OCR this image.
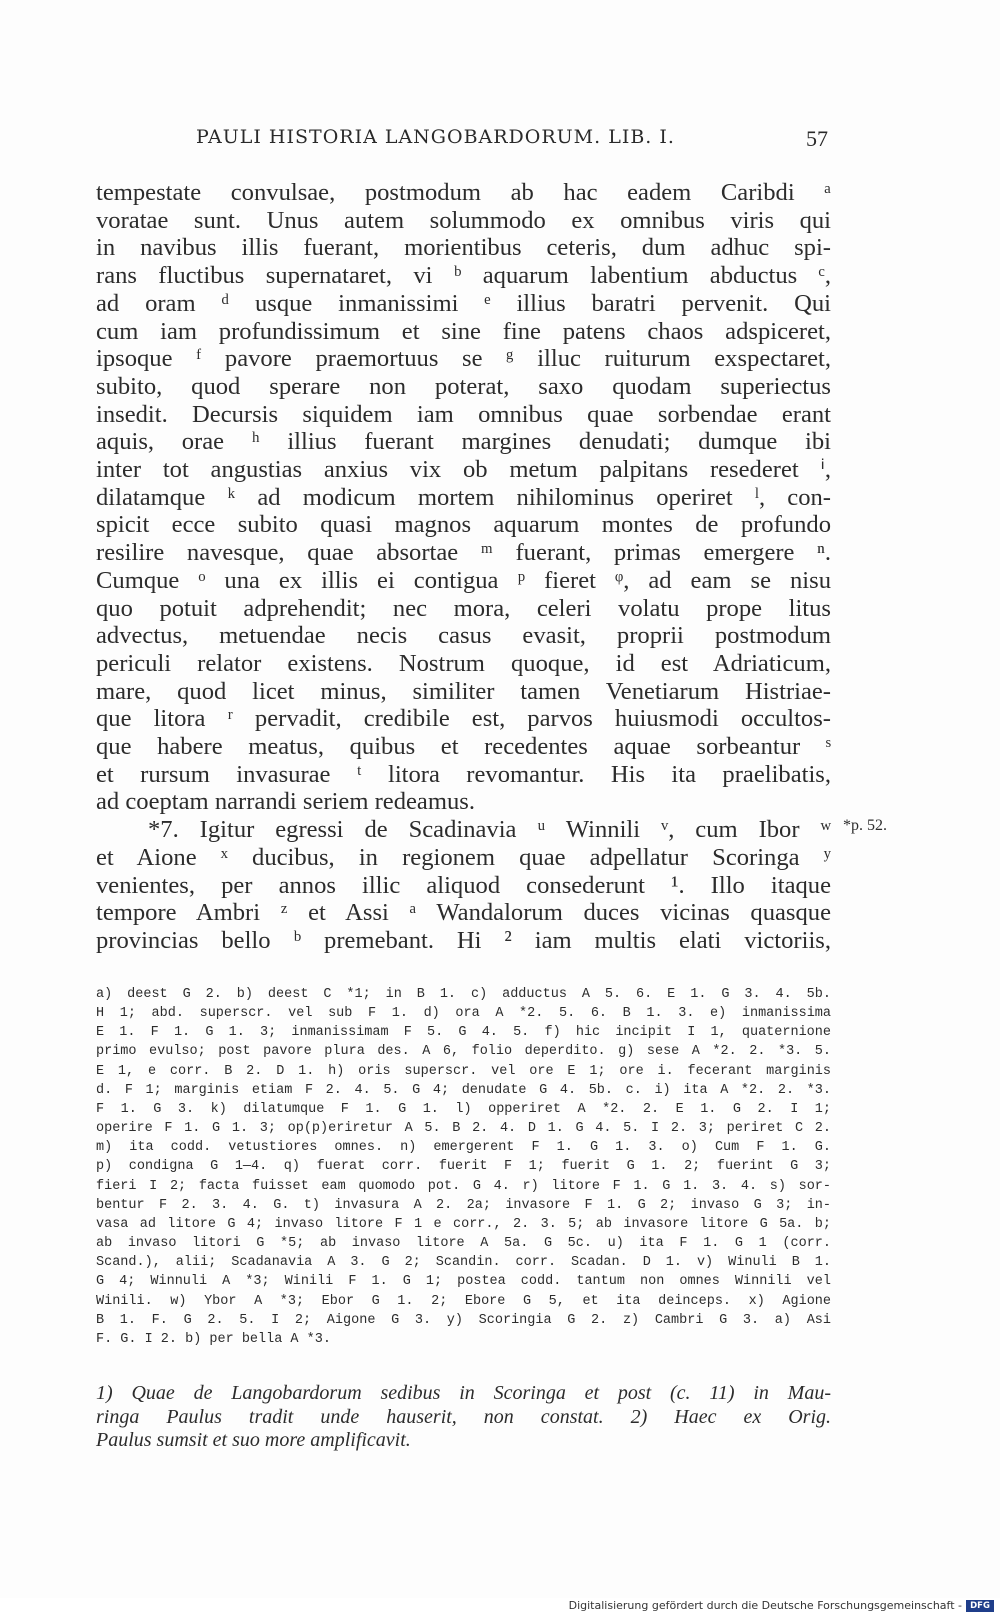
PAULI HISTORIA LANGOBARDORUM. LIB. I.	57
tempestate convulsae, postmodum ab hac eadem Caribdi ᵃ
voratae sunt. Unus autem solummodo ex omnibus viris qui
in navibus illis fuerant, morientibus ceteris, dum adhuc spi-
rans fluctibus supernataret, vi ᵇ aquarum labentium abductus ᶜ,
ad oram ᵈ usque inmanissimi ᵉ illius baratri pervenit. Qui
cum iam profundissimum et sine fine patens chaos adspiceret,
ipsoque ᶠ pavore praemortuus se ᵍ illuc ruiturum exspectaret,
subito, quod sperare non poterat, saxo quodam superiectus
insedit. Decursis siquidem iam omnibus quae sorbendae erant
aquis, orae ʰ illius fuerant margines denudati; dumque ibi
inter tot angustias anxius vix ob metum palpitans resederet ⁱ,
dilatamque ᵏ ad modicum mortem nihilominus operiret ˡ, con-
spicit ecce subito quasi magnos aquarum montes de profundo
resilire navesque, quae absortae ᵐ fuerant, primas emergere ⁿ.
Cumque ᵒ una ex illis ei contigua ᵖ fieret ᵠ, ad eam se nisu
quo potuit adprehendit; nec mora, celeri volatu prope litus
advectus, metuendae necis casus evasit, proprii postmodum
periculi relator existens. Nostrum quoque, id est Adriaticum,
mare, quod licet minus, similiter tamen Venetiarum Histriae-
que litora ʳ pervadit, credibile est, parvos huiusmodi occultos-
que habere meatus, quibus et recedentes aquae sorbeantur ˢ
et rursum invasurae ᵗ litora revomantur. His ita praelibatis,
ad coeptam narrandi seriem redeamus.
*7. Igitur egressi de Scadinavia ᵘ Winnili ᵛ, cum Ibor ʷ
et Aione ˣ ducibus, in regionem quae adpellatur Scoringa ʸ
venientes, per annos illic aliquod consederunt ¹. Illo itaque
tempore Ambri ᶻ et Assi ᵃ Wandalorum duces vicinas quasque
provincias bello ᵇ premebant. Hi ² iam multis elati victoriis,
*p. 52.
a) deest G 2. b) deest C *1; in B 1. c) adductus A 5. 6. E 1. G 3. 4. 5b.
H 1; abd. superscr. vel sub F 1. d) ora A *2. 5. 6. B 1. 3. e) inmanissima
E 1. F 1. G 1. 3; inmanissimam F 5. G 4. 5. f) hic incipit I 1, quaternione
primo evulso; post pavore plura des. A 6, folio deperdito. g) sese A *2. 2. *3. 5.
E 1, e corr. B 2. D 1. h) oris superscr. vel ore E 1; ore i. fecerant marginis
d. F 1; marginis etiam F 2. 4. 5. G 4; denudate G 4. 5b. c. i) ita A *2. 2. *3.
F 1. G 3. k) dilatumque F 1. G 1. l) opperiret A *2. 2. E 1. G 2. I 1;
operire F 1. G 1. 3; op(p)eriretur A 5. B 2. 4. D 1. G 4. 5. I 2. 3; periret C 2.
m) ita codd. vetustiores omnes. n) emergerent F 1. G 1. 3. o) Cum F 1. G.
p) condigna G 1—4. q) fuerat corr. fuerit F 1; fuerit G 1. 2; fuerint G 3;
fieri I 2; facta fuisset eam quomodo pot. G 4. r) litore F 1. G 1. 3. 4. s) sor-
bentur F 2. 3. 4. G. t) invasura A 2. 2a; invasore F 1. G 2; invaso G 3; in-
vasa ad litore G 4; invaso litore F 1 e corr., 2. 3. 5; ab invasore litore G 5a. b;
ab invaso litori G *5; ab invaso litore A 5a. G 5c. u) ita F 1. G 1 (corr.
Scand.), alii; Scadanavia A 3. G 2; Scandin. corr. Scadan. D 1. v) Winuli B 1.
G 4; Winnuli A *3; Winili F 1. G 1; postea codd. tantum non omnes Winnili vel
Winili. w) Ybor A *3; Ebor G 1. 2; Ebore G 5, et ita deinceps. x) Agione
B 1. F. G 2. 5. I 2; Aigone G 3. y) Scoringia G 2. z) Cambri G 3. a) Asi
F. G. I 2. b) per bella A *3.
1) Quae de Langobardorum sedibus in Scoringa et post (c. 11) in Mau-
ringa Paulus tradit unde hauserit, non constat. 2) Haec ex Orig.
Paulus sumsit et suo more amplificavit.
Digitalisierung gefördert durch die Deutsche Forschungsgemeinschaft - DFG
